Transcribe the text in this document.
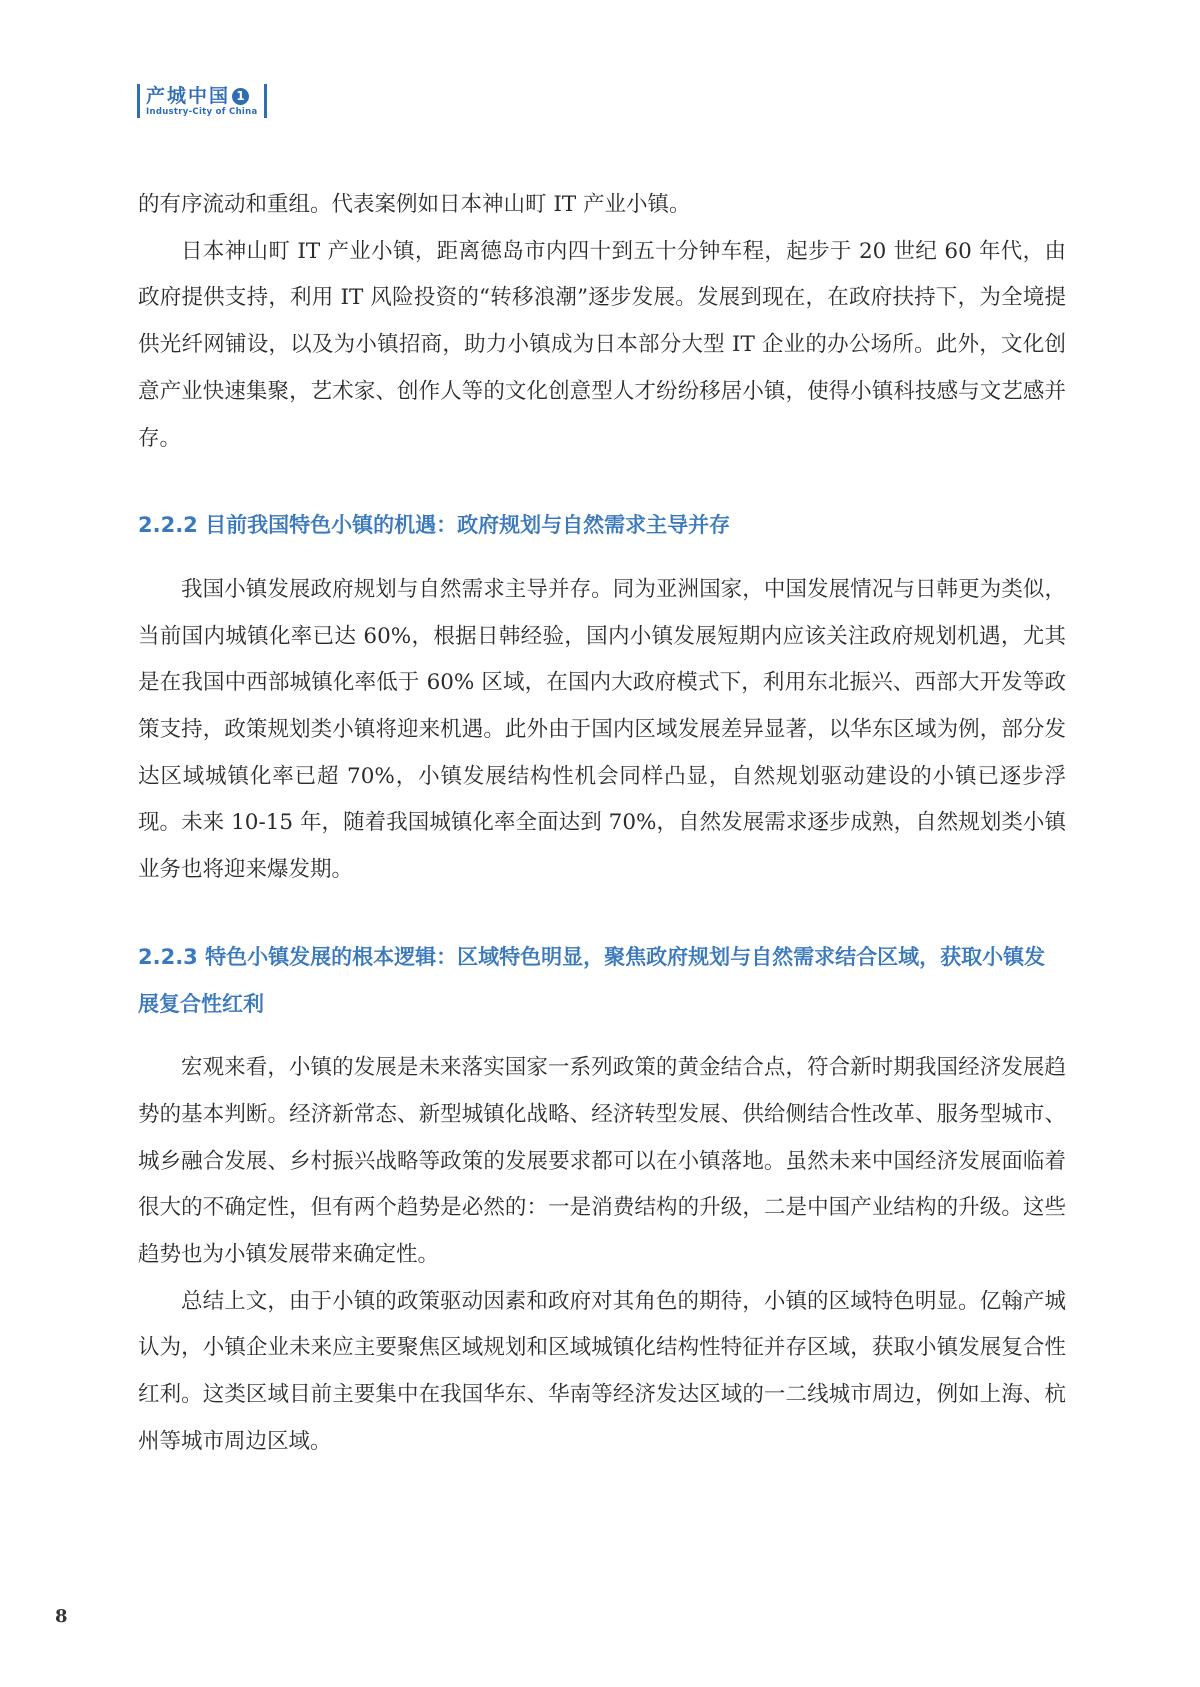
产城中国 1
Industry-City of China

的有序流动和重组。代表案例如日本神山町 IT 产业小镇。

日本神山町 IT 产业小镇，距离德岛市内四十到五十分钟车程，起步于 20 世纪 60 年代，由政府提供支持，利用 IT 风险投资的“转移浪潮”逐步发展。发展到现在，在政府扶持下，为全境提供光纤网铺设，以及为小镇招商，助力小镇成为日本部分大型 IT 企业的办公场所。此外，文化创意产业快速集聚，艺术家、创作人等的文化创意型人才纷纷移居小镇，使得小镇科技感与文艺感并存。

2.2.2 目前我国特色小镇的机遇：政府规划与自然需求主导并存

我国小镇发展政府规划与自然需求主导并存。同为亚洲国家，中国发展情况与日韩更为类似，当前国内城镇化率已达 60%，根据日韩经验，国内小镇发展短期内应该关注政府规划机遇，尤其是在我国中西部城镇化率低于 60% 区域，在国内大政府模式下，利用东北振兴、西部大开发等政策支持，政策规划类小镇将迎来机遇。此外由于国内区域发展差异显著，以华东区域为例，部分发达区域城镇化率已超 70%，小镇发展结构性机会同样凸显，自然规划驱动建设的小镇已逐步浮现。未来 10-15 年，随着我国城镇化率全面达到 70%，自然发展需求逐步成熟，自然规划类小镇业务也将迎来爆发期。

2.2.3 特色小镇发展的根本逻辑：区域特色明显，聚焦政府规划与自然需求结合区域，获取小镇发展复合性红利

宏观来看，小镇的发展是未来落实国家一系列政策的黄金结合点，符合新时期我国经济发展趋势的基本判断。经济新常态、新型城镇化战略、经济转型发展、供给侧结合性改革、服务型城市、城乡融合发展、乡村振兴战略等政策的发展要求都可以在小镇落地。虽然未来中国经济发展面临着很大的不确定性，但有两个趋势是必然的：一是消费结构的升级，二是中国产业结构的升级。这些趋势也为小镇发展带来确定性。

总结上文，由于小镇的政策驱动因素和政府对其角色的期待，小镇的区域特色明显。亿翰产城认为，小镇企业未来应主要聚焦区域规划和区域城镇化结构性特征并存区域，获取小镇发展复合性红利。这类区域目前主要集中在我国华东、华南等经济发达区域的一二线城市周边，例如上海、杭州等城市周边区域。

8
